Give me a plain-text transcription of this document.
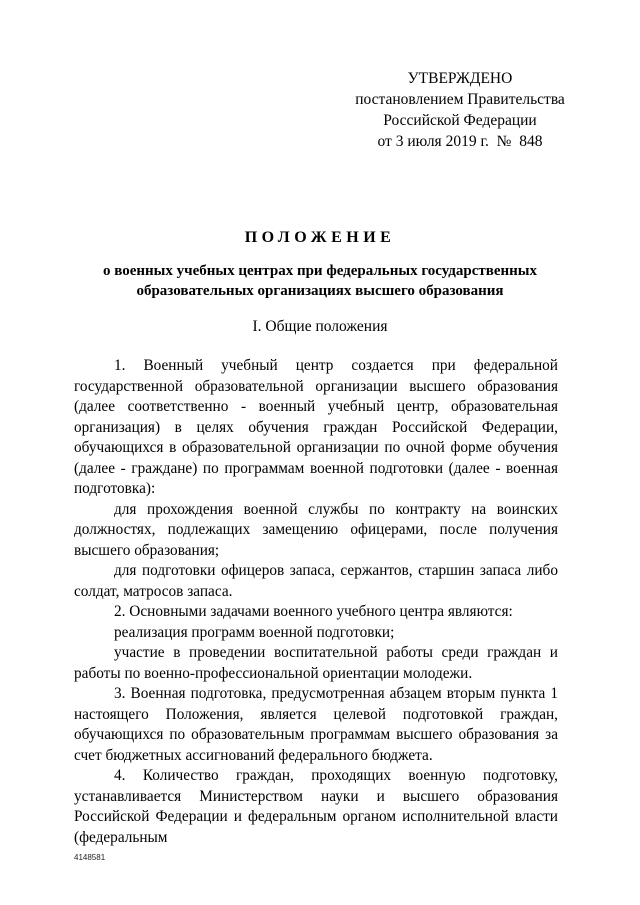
УТВЕРЖДЕНО
постановлением Правительства
Российской Федерации
от 3 июля 2019 г.  №  848
ПОЛОЖЕНИЕ
о военных учебных центрах при федеральных государственных
образовательных организациях высшего образования
I. Общие положения

1. Военный учебный центр создается при федеральной государственной образовательной организации высшего образования (далее соответственно - военный учебный центр, образовательная организация) в целях обучения граждан Российской Федерации, обучающихся в образовательной организации по очной форме обучения (далее - граждане) по программам военной подготовки (далее - военная подготовка):

для прохождения военной службы по контракту на воинских должностях, подлежащих замещению офицерами, после получения высшего образования;

для подготовки офицеров запаса, сержантов, старшин запаса либо солдат, матросов запаса.

2. Основными задачами военного учебного центра являются:

реализация программ военной подготовки;

участие в проведении воспитательной работы среди граждан и работы по военно-профессиональной ориентации молодежи.

3. Военная подготовка, предусмотренная абзацем вторым пункта 1 настоящего Положения, является целевой подготовкой граждан, обучающихся по образовательным программам высшего образования за счет бюджетных ассигнований федерального бюджета.

4. Количество граждан, проходящих военную подготовку, устанавливается Министерством науки и высшего образования Российской Федерации и федеральным органом исполнительной власти (федеральным

4148581
